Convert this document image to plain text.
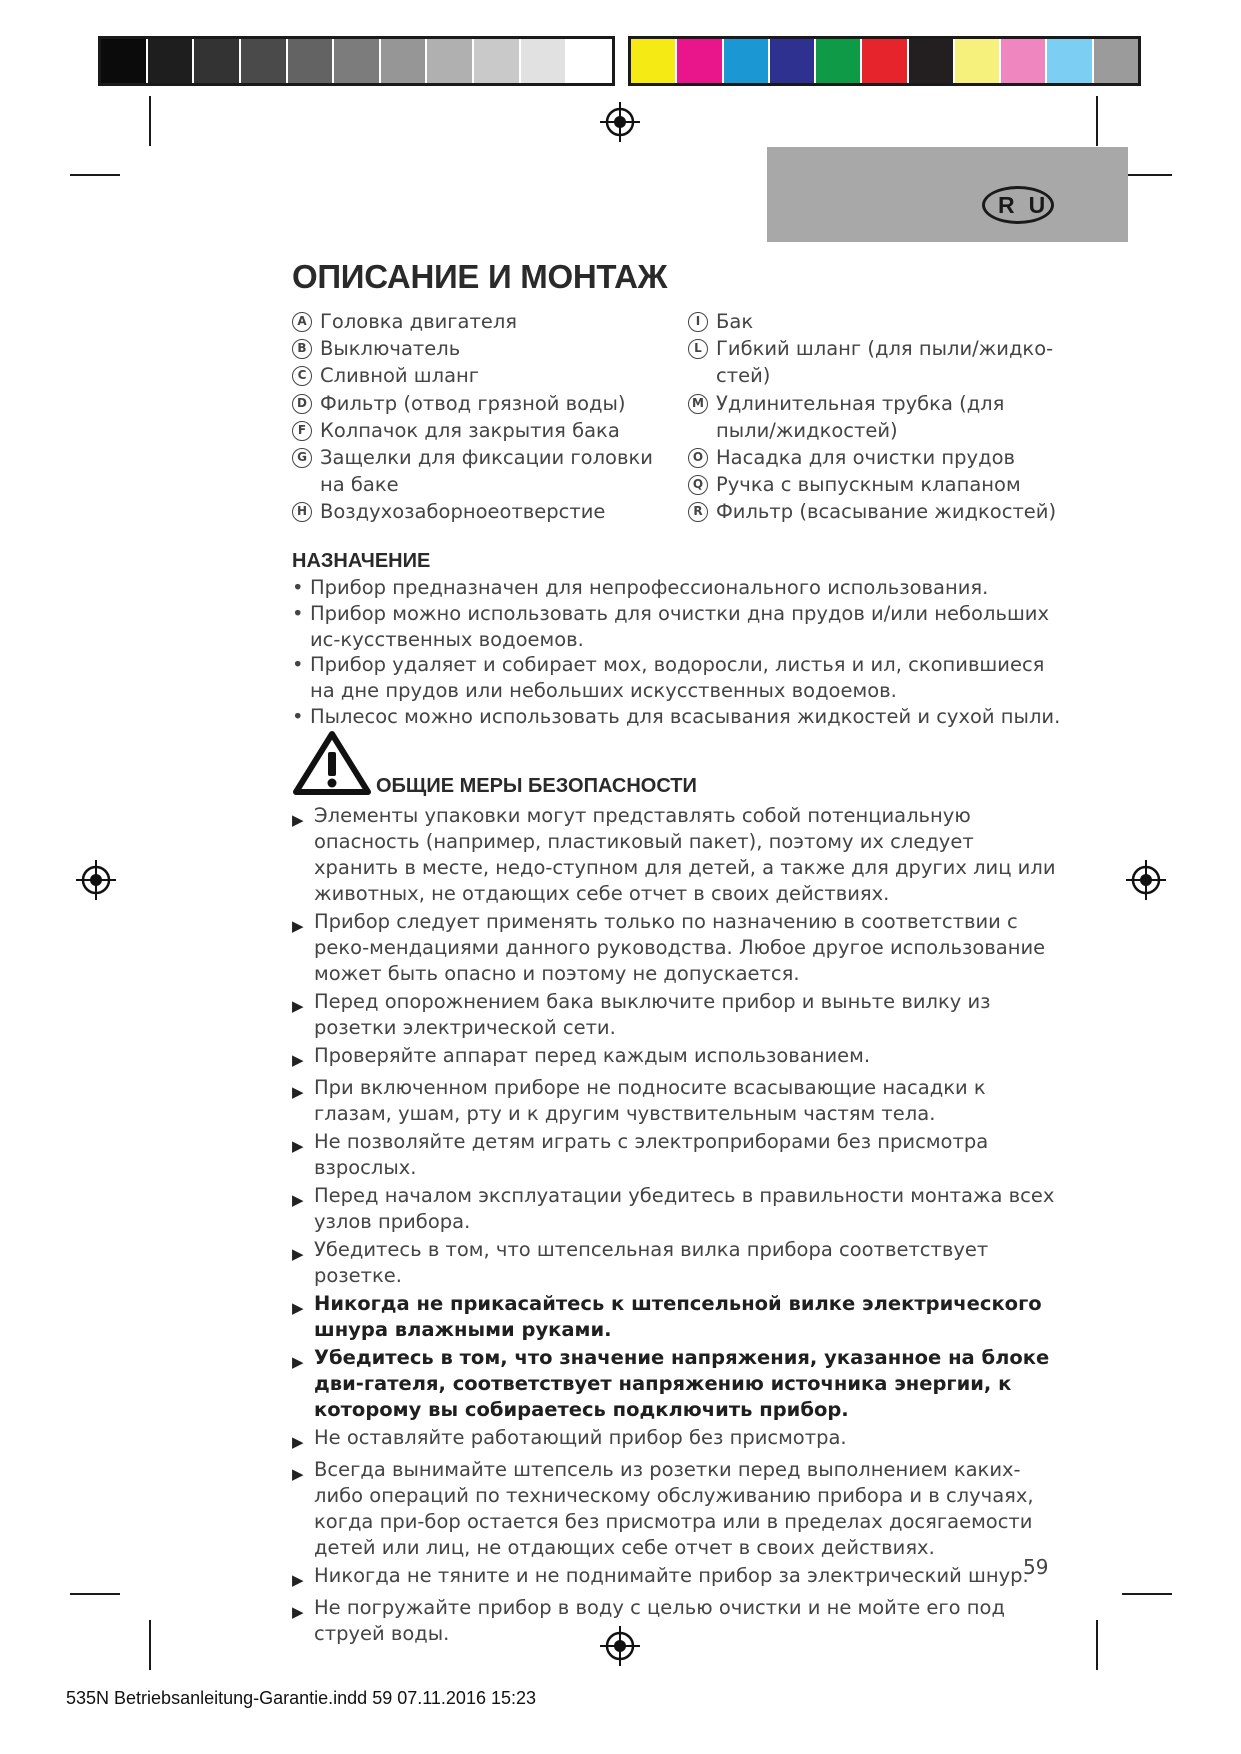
RU
ОПИСАНИЕ И МОНТАЖ
A Головка двигателя
B Выключатель
C Сливной шланг
D Фильтр (отвод грязной воды)
F Колпачок для закрытия бака
G Защелки для фиксации головки на баке
H Воздухозаборноеотверстие
I Бак
L Гибкий шланг (для пыли/жидко-стей)
M Удлинительная трубка (для пыли/жидкостей)
O Насадка для очистки прудов
Q Ручка с выпускным клапаном
R Фильтр (всасывание жидкостей)
НАЗНАЧЕНИЕ
• Прибор предназначен для непрофессионального использования.
• Прибор можно использовать для очистки дна прудов и/или небольших ис-кусственных водоемов.
• Прибор удаляет и собирает мох, водоросли, листья и ил, скопившиеся на дне прудов или небольших искусственных водоемов.
• Пылесос можно использовать для всасывания жидкостей и сухой пыли.
ОБЩИЕ МЕРЫ БЕЗОПАСНОСТИ
▶ Элементы упаковки могут представлять собой потенциальную опасность (например, пластиковый пакет), поэтому их следует хранить в месте, недо-ступном для детей, а также для других лиц или животных, не отдающих себе отчет в своих действиях.
▶ Прибор следует применять только по назначению в соответствии с реко-мендациями данного руководства. Любое другое использование может быть опасно и поэтому не допускается.
▶ Перед опорожнением бака выключите прибор и выньте вилку из розетки электрической сети.
▶ Проверяйте аппарат перед каждым использованием.
▶ При включенном приборе не подносите всасывающие насадки к глазам, ушам, рту и к другим чувствительным частям тела.
▶ Не позволяйте детям играть с электроприборами без присмотра взрослых.
▶ Перед началом эксплуатации убедитесь в правильности монтажа всех узлов прибора.
▶ Убедитесь в том, что штепсельная вилка прибора соответствует розетке.
▶ Никогда не прикасайтесь к штепсельной вилке электрического шнура влажными руками.
▶ Убедитесь в том, что значение напряжения, указанное на блоке дви-гателя, соответствует напряжению источника энергии, к которому вы собираетесь подключить прибор.
▶ Не оставляйте работающий прибор без присмотра.
▶ Всегда вынимайте штепсель из розетки перед выполнением каких-либо операций по техническому обслуживанию прибора и в случаях, когда при-бор остается без присмотра или в пределах досягаемости детей или лиц, не отдающих себе отчет в своих действиях.
▶ Никогда не тяните и не поднимайте прибор за электрический шнур.
▶ Не погружайте прибор в воду с целью очистки и не мойте его под струей воды.
59
535N Betriebsanleitung-Garantie.indd 59 07.11.2016 15:23
